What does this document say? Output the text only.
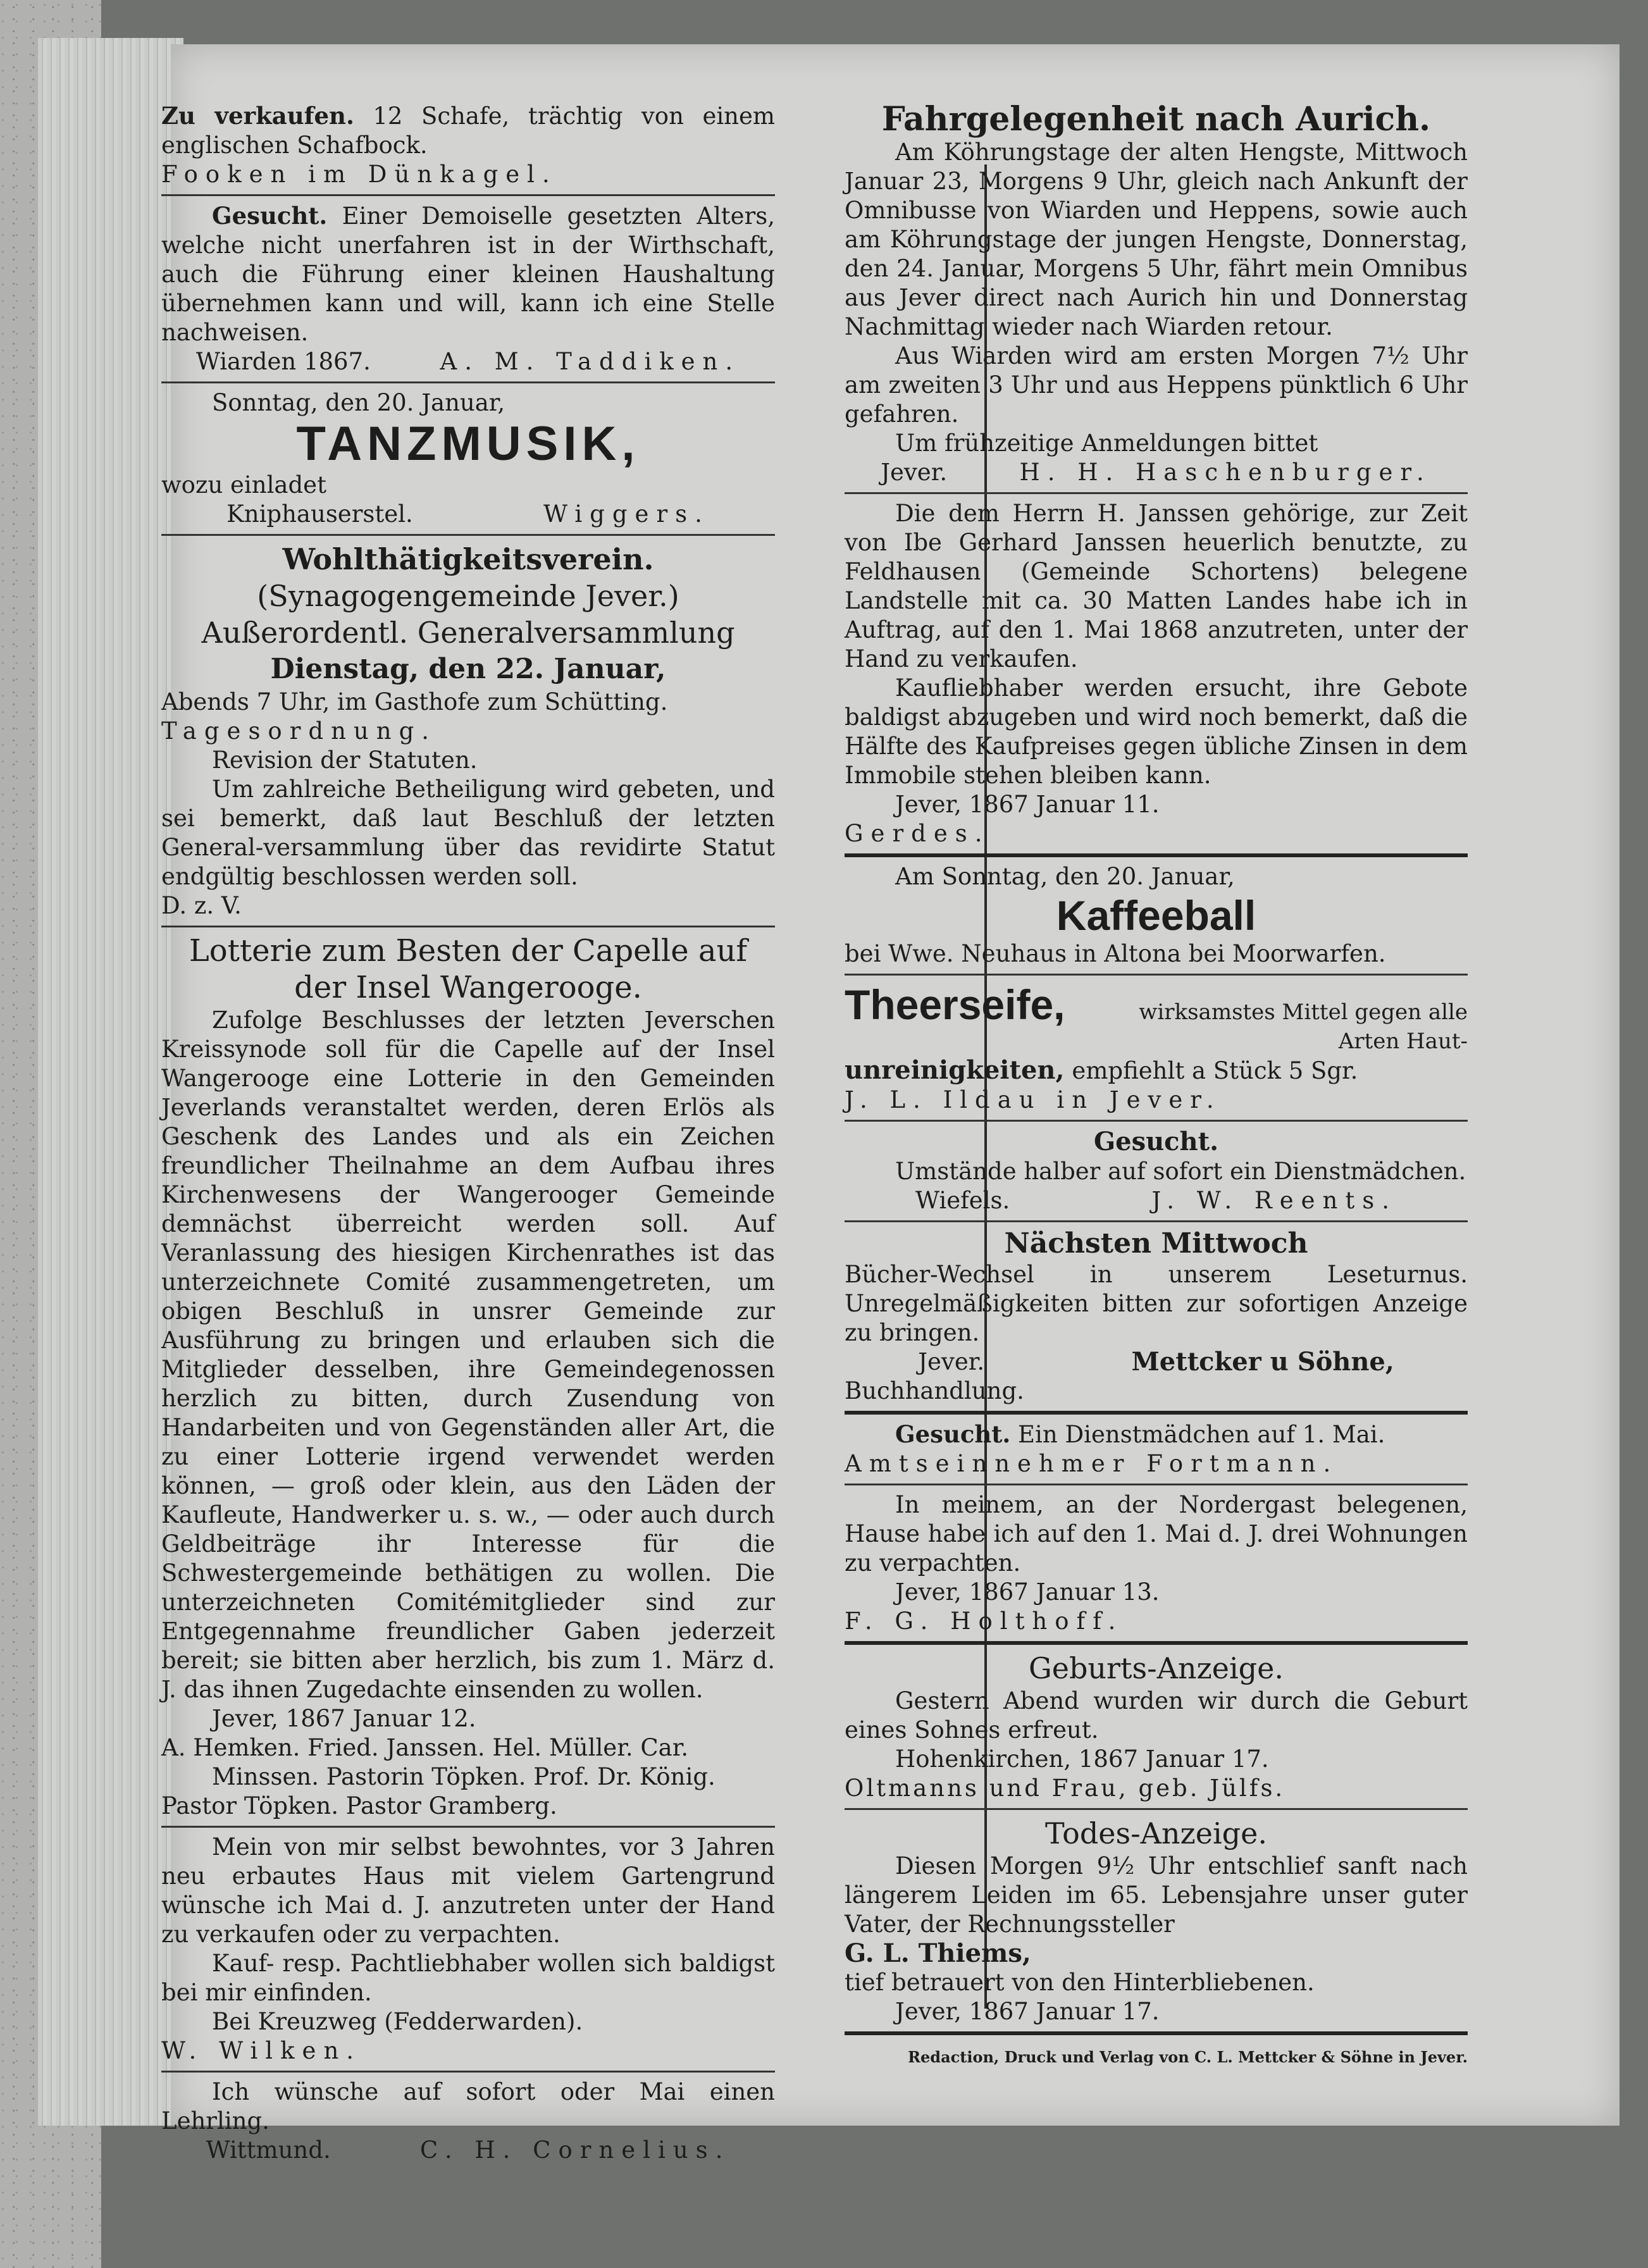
Zu verkaufen. 12 Schafe, trächtig von einem englischen Schafbock.

Fooken im Dünkagel.

Gesucht. Einer Demoiselle gesetzten Alters, welche nicht unerfahren ist in der Wirthschaft, auch die Führung einer kleinen Haushaltung übernehmen kann und will, kann ich eine Stelle nachweisen.

Wiarden 1867.	A. M. Taddiken.

Sonntag, den 20. Januar,

TANZMUSIK,

wozu einladet

Kniphauserstel.	Wiggers.
Wohlthätigkeitsverein.
(Synagogengemeinde Jever.)
Außerordentl. Generalversammlung
Dienstag, den 22. Januar,

Abends 7 Uhr, im Gasthofe zum Schütting.

Tagesordnung.

Revision der Statuten.

Um zahlreiche Betheiligung wird gebeten, und sei bemerkt, daß laut Beschluß der letzten General-versammlung über das revidirte Statut endgültig beschlossen werden soll.

D. z. V.

Lotterie zum Besten der Capelle auf
der Insel Wangerooge.

Zufolge Beschlusses der letzten Jeverschen Kreissynode soll für die Capelle auf der Insel Wangerooge eine Lotterie in den Gemeinden Jeverlands veranstaltet werden, deren Erlös als Geschenk des Landes und als ein Zeichen freundlicher Theilnahme an dem Aufbau ihres Kirchenwesens der Wangerooger Gemeinde demnächst überreicht werden soll. Auf Veranlassung des hiesigen Kirchenrathes ist das unterzeichnete Comité zusammengetreten, um obigen Beschluß in unsrer Gemeinde zur Ausführung zu bringen und erlauben sich die Mitglieder desselben, ihre Gemeindegenossen herzlich zu bitten, durch Zusendung von Handarbeiten und von Gegenständen aller Art, die zu einer Lotterie irgend verwendet werden können, — groß oder klein, aus den Läden der Kaufleute, Handwerker u. s. w., — oder auch durch Geldbeiträge ihr Interesse für die Schwestergemeinde bethätigen zu wollen. Die unterzeichneten Comitémitglieder sind zur Entgegennahme freundlicher Gaben jederzeit bereit; sie bitten aber herzlich, bis zum 1. März d. J. das ihnen Zugedachte einsenden zu wollen.

Jever, 1867 Januar 12.

A. Hemken. Fried. Janssen. Hel. Müller. Car.

Minssen. Pastorin Töpken. Prof. Dr. König.

Pastor Töpken. Pastor Gramberg.

Mein von mir selbst bewohntes, vor 3 Jahren neu erbautes Haus mit vielem Gartengrund wünsche ich Mai d. J. anzutreten unter der Hand zu verkaufen oder zu verpachten.

Kauf- resp. Pachtliebhaber wollen sich baldigst bei mir einfinden.

Bei Kreuzweg (Fedderwarden).

W. Wilken.

Ich wünsche auf sofort oder Mai einen Lehrling.

Wittmund.	C. H. Cornelius.
Fahrgelegenheit nach Aurich.

Am Köhrungstage der alten Hengste, Mittwoch Januar 23, Morgens 9 Uhr, gleich nach Ankunft der Omnibusse von Wiarden und Heppens, sowie auch am Köhrungstage der jungen Hengste, Donnerstag, den 24. Januar, Morgens 5 Uhr, fährt mein Omnibus aus Jever direct nach Aurich hin und Donnerstag Nachmittag wieder nach Wiarden retour.

Aus Wiarden wird am ersten Morgen 7½ Uhr am zweiten 3 Uhr und aus Heppens pünktlich 6 Uhr gefahren.

Um frühzeitige Anmeldungen bittet

Jever.	H. H. Haschenburger.

Die dem Herrn H. Janssen gehörige, zur Zeit von Ibe Gerhard Janssen heuerlich benutzte, zu Feldhausen (Gemeinde Schortens) belegene Landstelle mit ca. 30 Matten Landes habe ich in Auftrag, auf den 1. Mai 1868 anzutreten, unter der Hand zu verkaufen.

Kaufliebhaber werden ersucht, ihre Gebote baldigst abzugeben und wird noch bemerkt, daß die Hälfte des Kaufpreises gegen übliche Zinsen in dem Immobile stehen bleiben kann.

Jever, 1867 Januar 11.

Gerdes.

Am Sonntag, den 20. Januar,

Kaffeeball

bei Wwe. Neuhaus in Altona bei Moorwarfen.

Theerseife,	wirksamstes Mittel gegen alle Arten Haut-
unreinigkeiten, empfiehlt a Stück 5 Sgr.

J. L. Ildau in Jever.

Gesucht.

Umstände halber auf sofort ein Dienstmädchen.

Wiefels.	J. W. Reents.
Nächsten Mittwoch

Bücher-Wechsel in unserem Leseturnus. Unregelmäßigkeiten bitten zur sofortigen Anzeige zu bringen.

Jever.	Mettcker u Söhne,

Buchhandlung.

Gesucht. Ein Dienstmädchen auf 1. Mai.

Amtseinnehmer Fortmann.

In meinem, an der Nordergast belegenen, Hause habe ich auf den 1. Mai d. J. drei Wohnungen zu verpachten.

Jever, 1867 Januar 13.

F. G. Holthoff.

Geburts-Anzeige.

Gestern Abend wurden wir durch die Geburt eines Sohnes erfreut.

Hohenkirchen, 1867 Januar 17.

Oltmanns und Frau, geb. Jülfs.

Todes-Anzeige.

Diesen Morgen 9½ Uhr entschlief sanft nach längerem Leiden im 65. Lebensjahre unser guter Vater, der Rechnungssteller

G. L. Thiems,

tief betrauert von den Hinterbliebenen.

Jever, 1867 Januar 17.

Redaction, Druck und Verlag von C. L. Mettcker & Söhne in Jever.
